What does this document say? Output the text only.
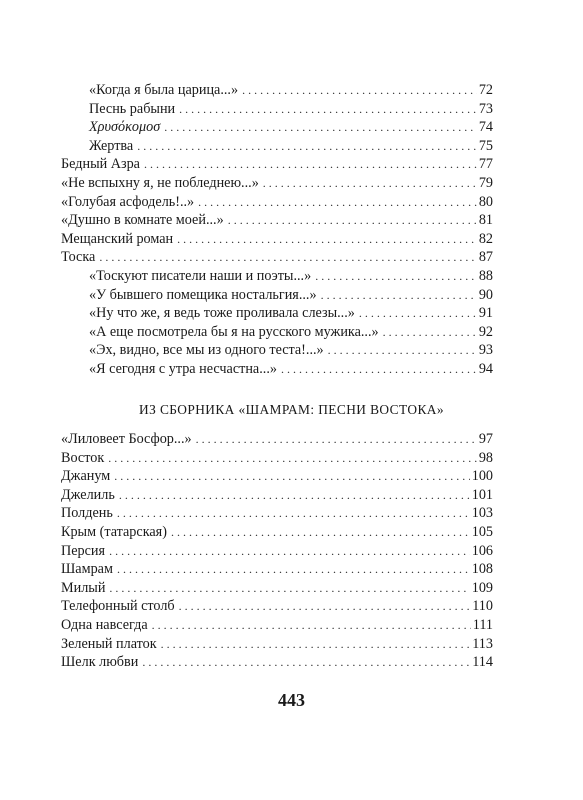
«Когда я была царица...» . . .	72
Песнь рабыни . . .	73
Χρυσόκομοσ . . .	74
Жертва . . .	75
Бедный Азра . . .	77
«Не вспыхну я, не побледнею...» . . .	79
«Голубая асфодель!..» . . .	80
«Душно в комнате моей...» . . .	81
Мещанский роман . . .	82
Тоска . . .	87
«Тоскуют писатели наши и поэты...» . . .	88
«У бывшего помещика ностальгия...» . . .	90
«Ну что же, я ведь тоже проливала слезы...» . . .	91
«А еще посмотрела бы я на русского мужика...» . . .	92
«Эх, видно, все мы из одного теста!...» . . .	93
«Я сегодня с утра несчастна...» . . .	94
ИЗ СБОРНИКА «ШАМРАМ: ПЕСНИ ВОСТОКА»
«Лиловеет Босфор...» . . .	97
Восток . . .	98
Джанум . . .	100
Джелиль . . .	101
Полдень . . .	103
Крым (татарская) . . .	105
Персия . . .	106
Шамрам . . .	108
Милый . . .	109
Телефонный столб . . .	110
Одна навсегда . . .	111
Зеленый платок . . .	113
Шелк любви . . .	114
443
